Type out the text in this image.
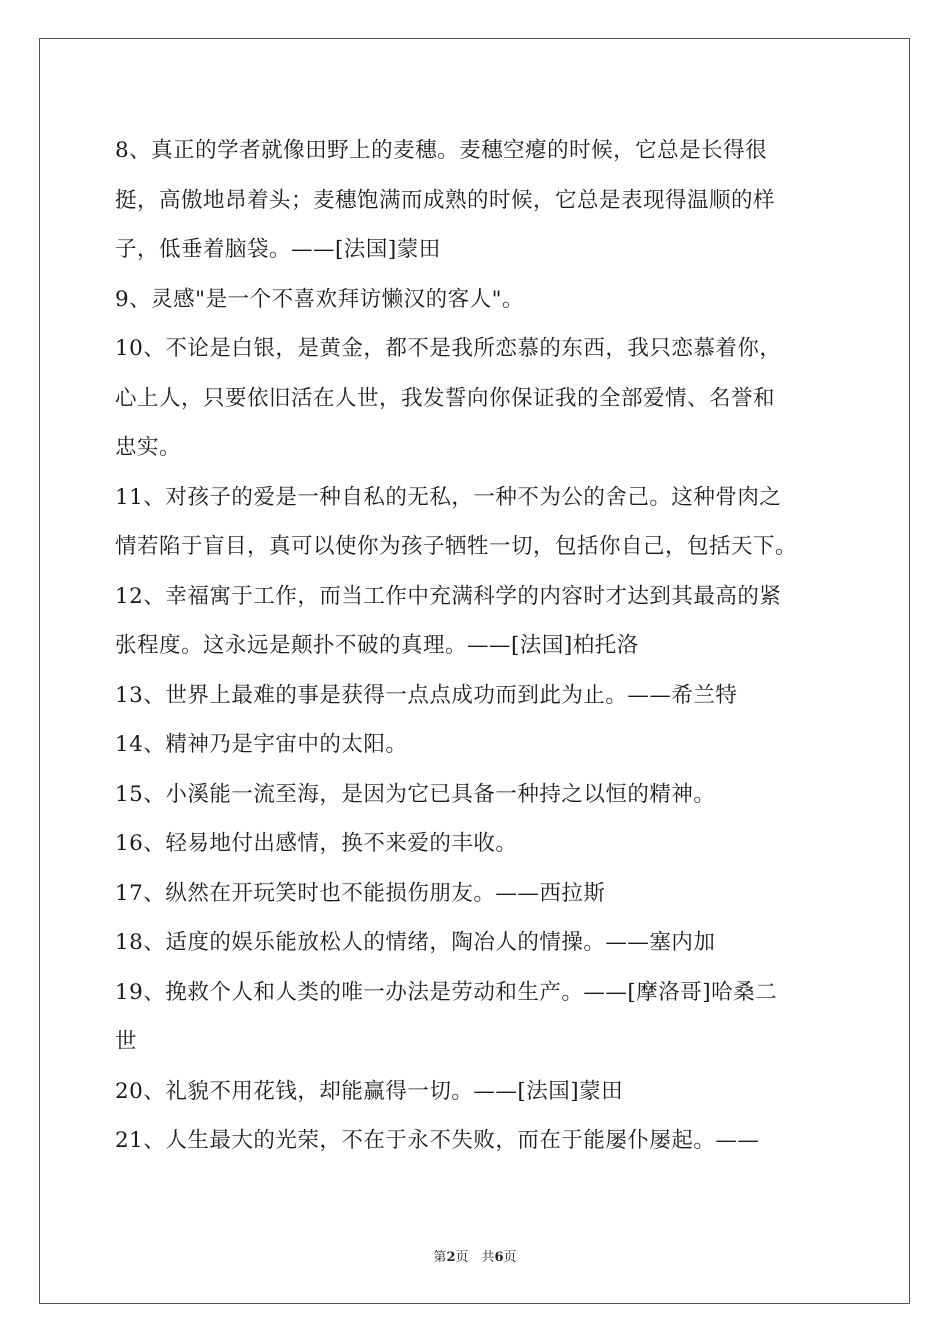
8、真正的学者就像田野上的麦穗。麦穗空瘪的时候，它总是长得很
挺，高傲地昂着头；麦穗饱满而成熟的时候，它总是表现得温顺的样
子，低垂着脑袋。——[法国]蒙田
9、灵感"是一个不喜欢拜访懒汉的客人"。
10、不论是白银，是黄金，都不是我所恋慕的东西，我只恋慕着你，
心上人，只要依旧活在人世，我发誓向你保证我的全部爱情、名誉和
忠实。
11、对孩子的爱是一种自私的无私，一种不为公的舍己。这种骨肉之
情若陷于盲目，真可以使你为孩子牺牲一切，包括你自己，包括天下。
12、幸福寓于工作，而当工作中充满科学的内容时才达到其最高的紧
张程度。这永远是颠扑不破的真理。——[法国]柏托洛
13、世界上最难的事是获得一点点成功而到此为止。——希兰特
14、精神乃是宇宙中的太阳。
15、小溪能一流至海，是因为它已具备一种持之以恒的精神。
16、轻易地付出感情，换不来爱的丰收。
17、纵然在开玩笑时也不能损伤朋友。——西拉斯
18、适度的娱乐能放松人的情绪，陶冶人的情操。——塞内加
19、挽救个人和人类的唯一办法是劳动和生产。——[摩洛哥]哈桑二
世
20、礼貌不用花钱，却能赢得一切。——[法国]蒙田
21、人生最大的光荣，不在于永不失败，而在于能屡仆屡起。——
第2页　共6页
